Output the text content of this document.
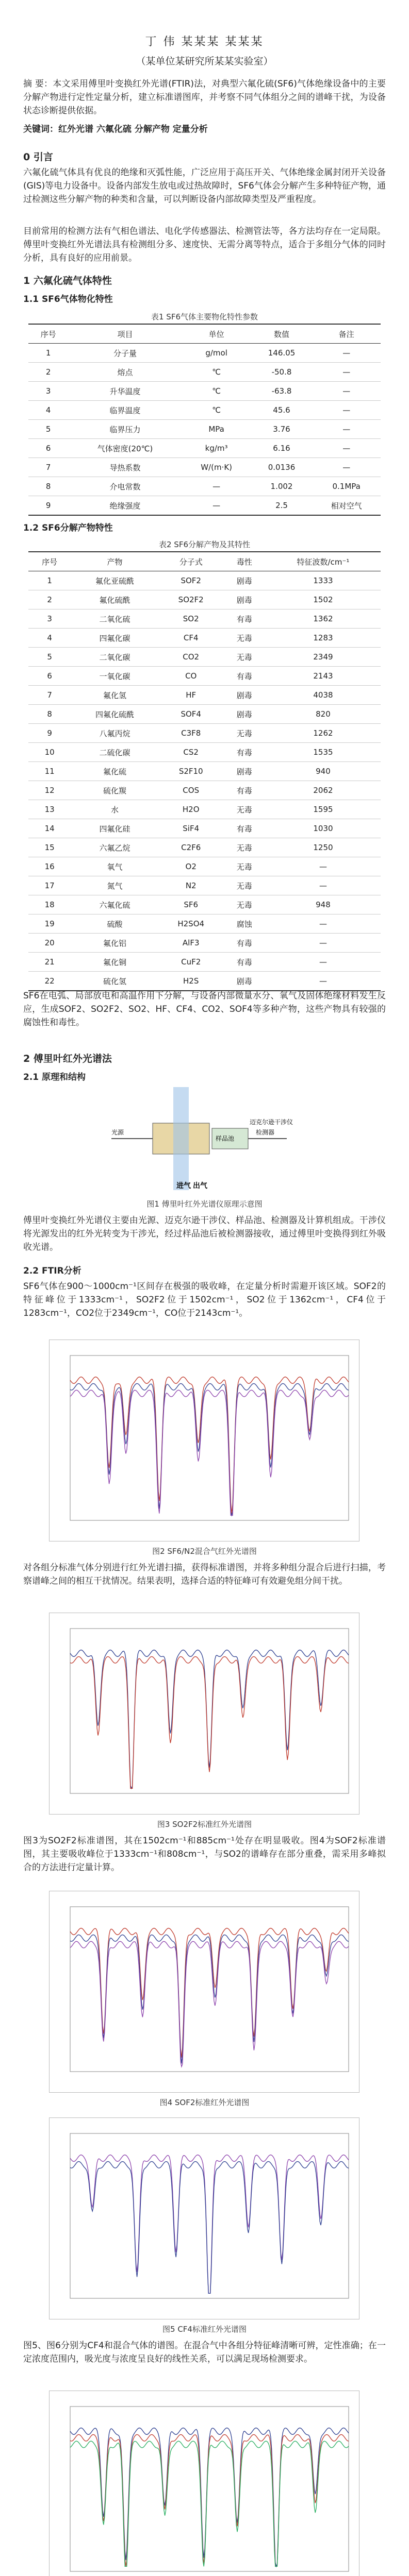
丁 伟 某某某 某某某
（某单位某研究所某某实验室）
摘 要：本文采用傅里叶变换红外光谱(FTIR)法，对典型六氟化硫(SF6)气体绝缘设备中的主要分解产物进行定性定量分析，建立标准谱图库，并考察不同气体组分之间的谱峰干扰，为设备状态诊断提供依据。
关键词：红外光谱 六氟化硫 分解产物 定量分析
0 引言
六氟化硫气体具有优良的绝缘和灭弧性能，广泛应用于高压开关、气体绝缘金属封闭开关设备(GIS)等电力设备中。设备内部发生放电或过热故障时，SF6气体会分解产生多种特征产物，通过检测这些分解产物的种类和含量，可以判断设备内部故障类型及严重程度。
目前常用的检测方法有气相色谱法、电化学传感器法、检测管法等，各方法均存在一定局限。傅里叶变换红外光谱法具有检测组分多、速度快、无需分离等特点，适合于多组分气体的同时分析，具有良好的应用前景。
1 六氟化硫气体特性
1.1 SF6气体物化特性
表1 SF6气体主要物化特性参数
序号	项目	单位	数值	备注
1	分子量	g/mol	146.05	—
2	熔点	℃	-50.8	—
3	升华温度	℃	-63.8	—
4	临界温度	℃	45.6	—
5	临界压力	MPa	3.76	—
6	气体密度(20℃)	kg/m³	6.16	—
7	导热系数	W/(m·K)	0.0136	—
8	介电常数	—	1.002	0.1MPa
9	绝缘强度	—	2.5	相对空气
1.2 SF6分解产物特性
表2 SF6分解产物及其特性
序号	产物	分子式	毒性	特征波数/cm⁻¹
1	氟化亚硫酰	SOF2	剧毒	1333
2	氟化硫酰	SO2F2	剧毒	1502
3	二氧化硫	SO2	有毒	1362
4	四氟化碳	CF4	无毒	1283
5	二氧化碳	CO2	无毒	2349
6	一氧化碳	CO	有毒	2143
7	氟化氢	HF	剧毒	4038
8	四氟化硫酰	SOF4	剧毒	820
9	八氟丙烷	C3F8	无毒	1262
10	二硫化碳	CS2	有毒	1535
11	氟化硫	S2F10	剧毒	940
12	硫化羰	COS	有毒	2062
13	水	H2O	无毒	1595
14	四氟化硅	SiF4	有毒	1030
15	六氟乙烷	C2F6	无毒	1250
16	氧气	O2	无毒	—
17	氮气	N2	无毒	—
18	六氟化硫	SF6	无毒	948
19	硫酸	H2SO4	腐蚀	—
20	氟化铝	AlF3	有毒	—
21	氟化铜	CuF2	有毒	—
22	硫化氢	H2S	剧毒	—
SF6在电弧、局部放电和高温作用下分解，与设备内部微量水分、氧气及固体绝缘材料发生反应，生成SOF2、SO2F2、SO2、HF、CF4、CO2、SOF4等多种产物，这些产物具有较强的腐蚀性和毒性。
2 傅里叶红外光谱法
2.1 原理和结构
光源
迈克尔逊干涉仪
样品池
检测器
进气 出气
图1 傅里叶红外光谱仪原理示意图
傅里叶变换红外光谱仪主要由光源、迈克尔逊干涉仪、样品池、检测器及计算机组成。干涉仪将光源发出的红外光转变为干涉光，经过样品池后被检测器接收，通过傅里叶变换得到红外吸收光谱。
2.2 FTIR分析
SF6气体在900～1000cm⁻¹区间存在极强的吸收峰，在定量分析时需避开该区域。SOF2的特征峰位于1333cm⁻¹，SO2F2位于1502cm⁻¹，SO2位于1362cm⁻¹，CF4位于1283cm⁻¹，CO2位于2349cm⁻¹，CO位于2143cm⁻¹。
图2 SF6/N2混合气红外光谱图
对各组分标准气体分别进行红外光谱扫描，获得标准谱图，并将多种组分混合后进行扫描，考察谱峰之间的相互干扰情况。结果表明，选择合适的特征峰可有效避免组分间干扰。
图3 SO2F2标准红外光谱图
图3为SO2F2标准谱图，其在1502cm⁻¹和885cm⁻¹处存在明显吸收。图4为SOF2标准谱图，其主要吸收峰位于1333cm⁻¹和808cm⁻¹，与SO2的谱峰存在部分重叠，需采用多峰拟合的方法进行定量计算。
图4 SOF2标准红外光谱图
图5 CF4标准红外光谱图
图5、图6分别为CF4和混合气体的谱图。在混合气中各组分特征峰清晰可辨，定性准确；在一定浓度范围内，吸光度与浓度呈良好的线性关系，可以满足现场检测要求。
